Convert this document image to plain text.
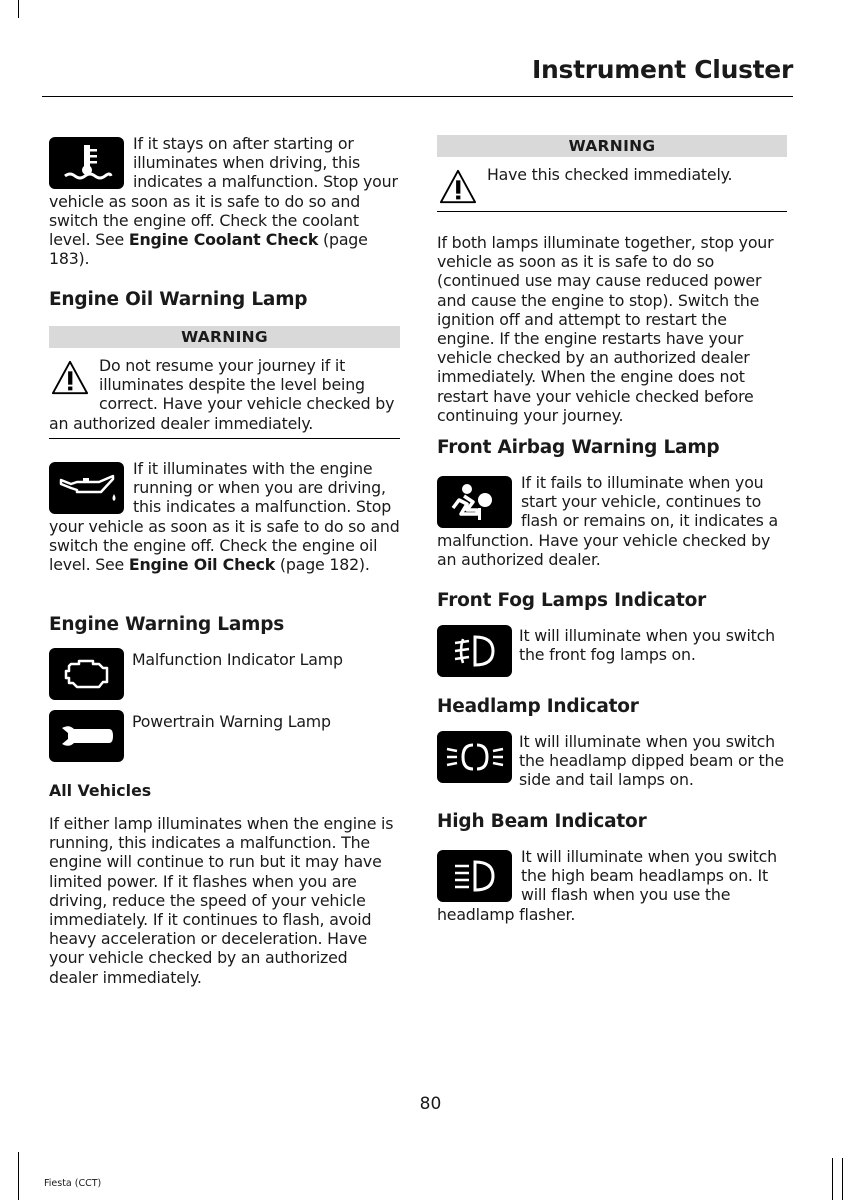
Instrument Cluster

If it stays on after starting or illuminates when driving, this indicates a malfunction. Stop your vehicle as soon as it is safe to do so and switch the engine off. Check the coolant level. See Engine Coolant Check (page 183).

Engine Oil Warning Lamp
WARNING

Do not resume your journey if it illuminates despite the level being correct. Have your vehicle checked by an authorized dealer immediately.

If it illuminates with the engine running or when you are driving, this indicates a malfunction. Stop your vehicle as soon as it is safe to do so and switch the engine off. Check the engine oil level. See Engine Oil Check (page 182).

Engine Warning Lamps
Malfunction Indicator Lamp
Powertrain Warning Lamp
All Vehicles

If either lamp illuminates when the engine is running, this indicates a malfunction. The engine will continue to run but it may have limited power. If it flashes when you are driving, reduce the speed of your vehicle immediately. If it continues to flash, avoid heavy acceleration or deceleration. Have your vehicle checked by an authorized dealer immediately.

WARNING

Have this checked immediately.

If both lamps illuminate together, stop your vehicle as soon as it is safe to do so (continued use may cause reduced power and cause the engine to stop). Switch the ignition off and attempt to restart the engine. If the engine restarts have your vehicle checked by an authorized dealer immediately. When the engine does not restart have your vehicle checked before continuing your journey.

Front Airbag Warning Lamp

If it fails to illuminate when you start your vehicle, continues to flash or remains on, it indicates a malfunction. Have your vehicle checked by an authorized dealer.

Front Fog Lamps Indicator
It will illuminate when you switch the front fog lamps on.
Headlamp Indicator
It will illuminate when you switch the headlamp dipped beam or the side and tail lamps on.
High Beam Indicator

It will illuminate when you switch the high beam headlamps on. It will flash when you use the headlamp flasher.

80
Fiesta (CCT)
